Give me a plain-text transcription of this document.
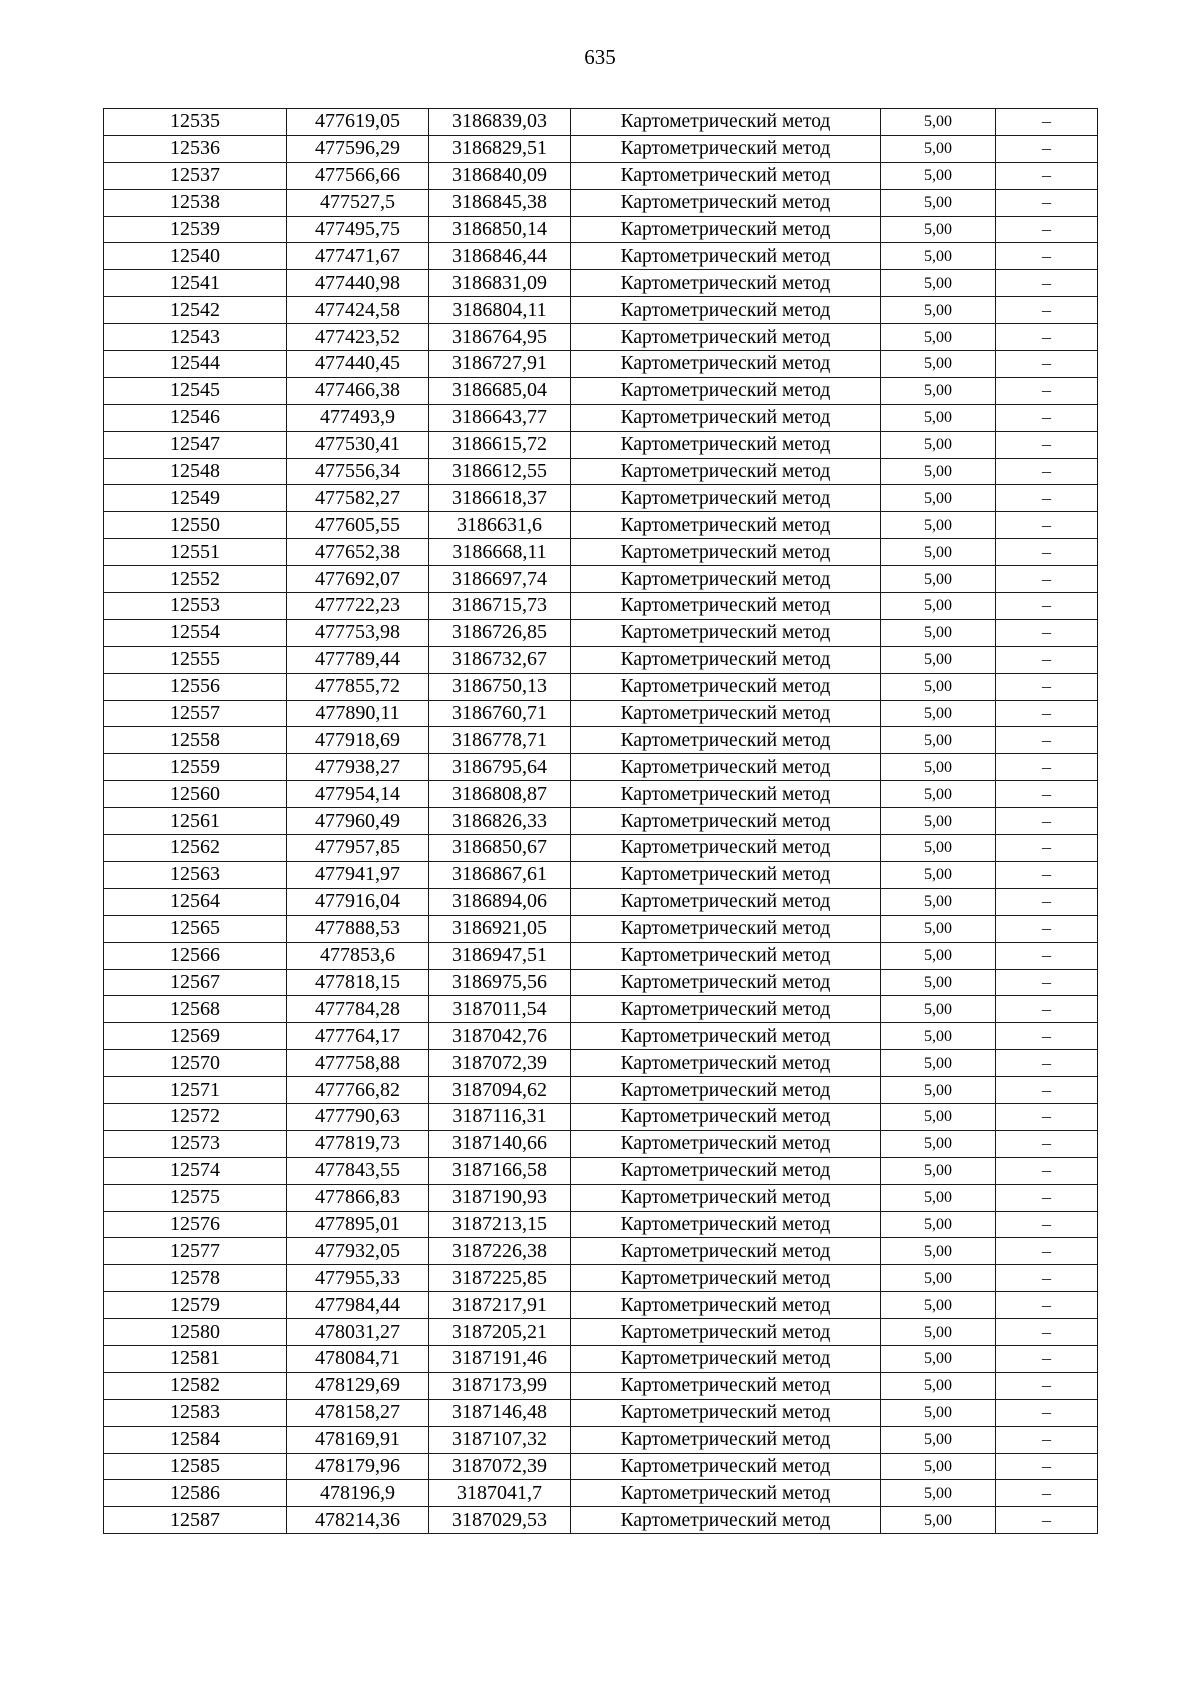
635
12535	477619,05	3186839,03	Картометрический метод	5,00	–
12536	477596,29	3186829,51	Картометрический метод	5,00	–
12537	477566,66	3186840,09	Картометрический метод	5,00	–
12538	477527,5	3186845,38	Картометрический метод	5,00	–
12539	477495,75	3186850,14	Картометрический метод	5,00	–
12540	477471,67	3186846,44	Картометрический метод	5,00	–
12541	477440,98	3186831,09	Картометрический метод	5,00	–
12542	477424,58	3186804,11	Картометрический метод	5,00	–
12543	477423,52	3186764,95	Картометрический метод	5,00	–
12544	477440,45	3186727,91	Картометрический метод	5,00	–
12545	477466,38	3186685,04	Картометрический метод	5,00	–
12546	477493,9	3186643,77	Картометрический метод	5,00	–
12547	477530,41	3186615,72	Картометрический метод	5,00	–
12548	477556,34	3186612,55	Картометрический метод	5,00	–
12549	477582,27	3186618,37	Картометрический метод	5,00	–
12550	477605,55	3186631,6	Картометрический метод	5,00	–
12551	477652,38	3186668,11	Картометрический метод	5,00	–
12552	477692,07	3186697,74	Картометрический метод	5,00	–
12553	477722,23	3186715,73	Картометрический метод	5,00	–
12554	477753,98	3186726,85	Картометрический метод	5,00	–
12555	477789,44	3186732,67	Картометрический метод	5,00	–
12556	477855,72	3186750,13	Картометрический метод	5,00	–
12557	477890,11	3186760,71	Картометрический метод	5,00	–
12558	477918,69	3186778,71	Картометрический метод	5,00	–
12559	477938,27	3186795,64	Картометрический метод	5,00	–
12560	477954,14	3186808,87	Картометрический метод	5,00	–
12561	477960,49	3186826,33	Картометрический метод	5,00	–
12562	477957,85	3186850,67	Картометрический метод	5,00	–
12563	477941,97	3186867,61	Картометрический метод	5,00	–
12564	477916,04	3186894,06	Картометрический метод	5,00	–
12565	477888,53	3186921,05	Картометрический метод	5,00	–
12566	477853,6	3186947,51	Картометрический метод	5,00	–
12567	477818,15	3186975,56	Картометрический метод	5,00	–
12568	477784,28	3187011,54	Картометрический метод	5,00	–
12569	477764,17	3187042,76	Картометрический метод	5,00	–
12570	477758,88	3187072,39	Картометрический метод	5,00	–
12571	477766,82	3187094,62	Картометрический метод	5,00	–
12572	477790,63	3187116,31	Картометрический метод	5,00	–
12573	477819,73	3187140,66	Картометрический метод	5,00	–
12574	477843,55	3187166,58	Картометрический метод	5,00	–
12575	477866,83	3187190,93	Картометрический метод	5,00	–
12576	477895,01	3187213,15	Картометрический метод	5,00	–
12577	477932,05	3187226,38	Картометрический метод	5,00	–
12578	477955,33	3187225,85	Картометрический метод	5,00	–
12579	477984,44	3187217,91	Картометрический метод	5,00	–
12580	478031,27	3187205,21	Картометрический метод	5,00	–
12581	478084,71	3187191,46	Картометрический метод	5,00	–
12582	478129,69	3187173,99	Картометрический метод	5,00	–
12583	478158,27	3187146,48	Картометрический метод	5,00	–
12584	478169,91	3187107,32	Картометрический метод	5,00	–
12585	478179,96	3187072,39	Картометрический метод	5,00	–
12586	478196,9	3187041,7	Картометрический метод	5,00	–
12587	478214,36	3187029,53	Картометрический метод	5,00	–
